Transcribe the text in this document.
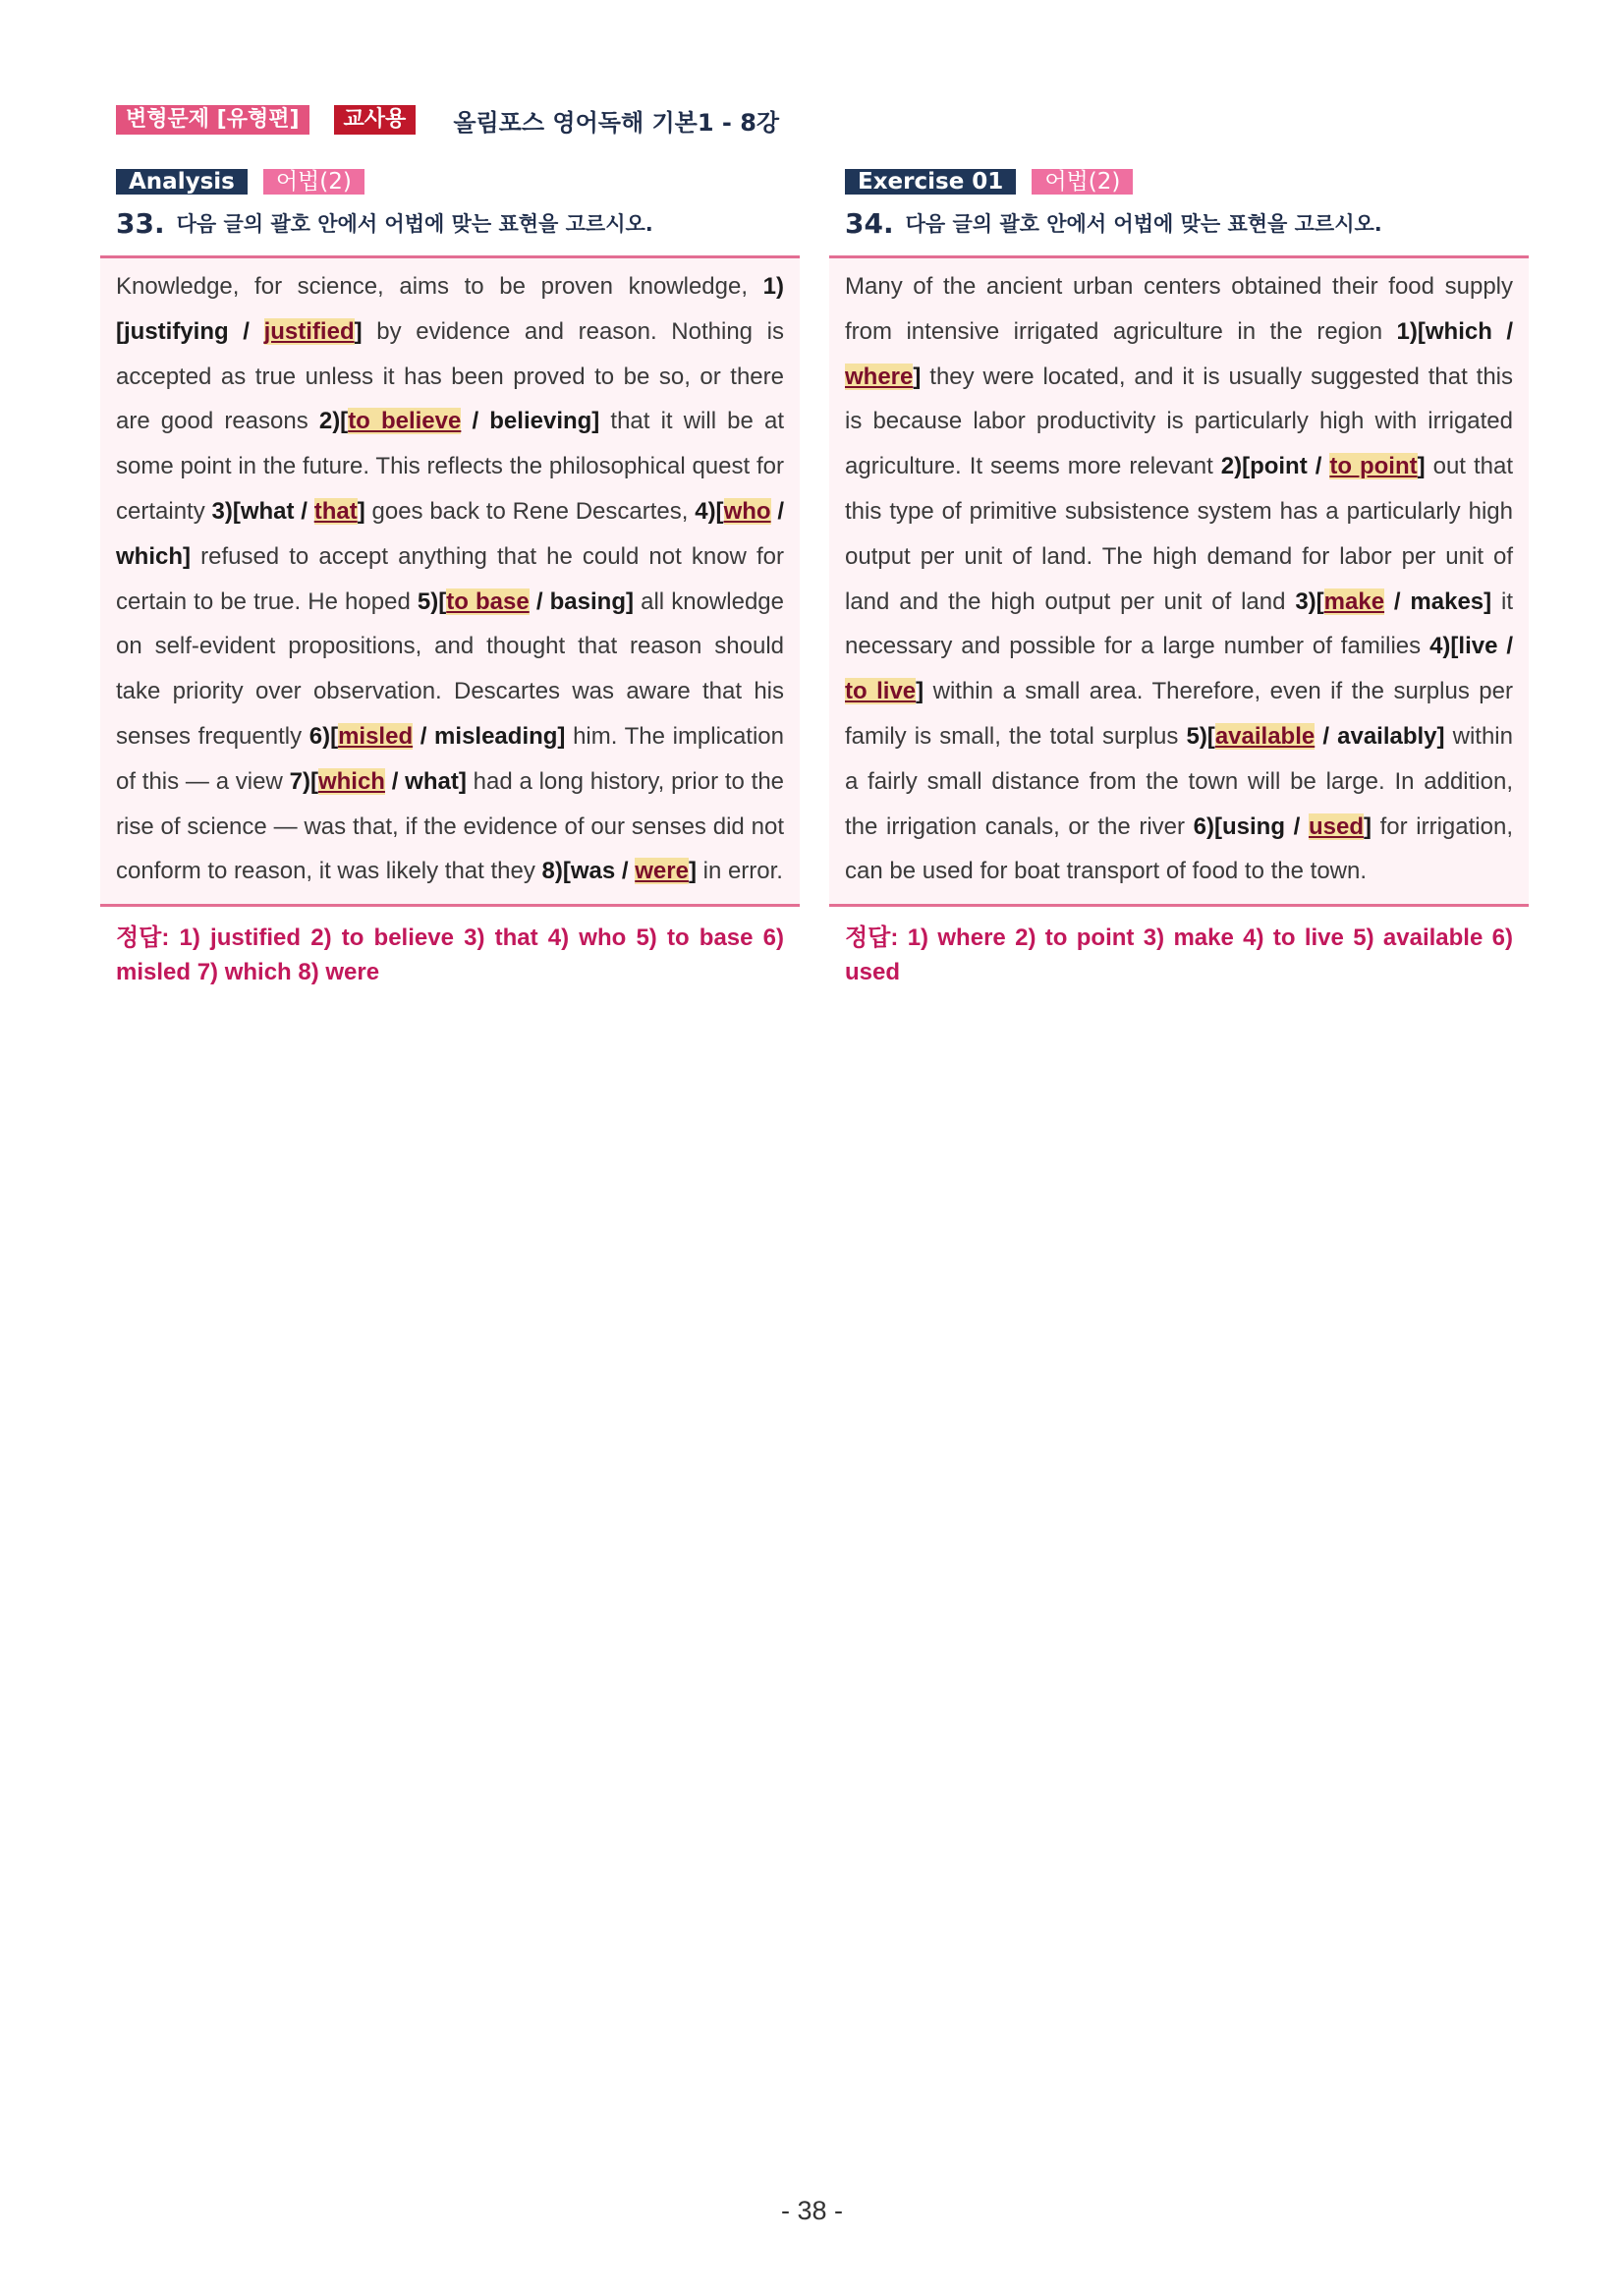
변형문제 [유형편]	교사용	올림포스 영어독해 기본1 - 8강
Analysis	어법(2)
33. 다음 글의 괄호 안에서 어법에 맞는 표현을 고르시오.

Knowledge, for science, aims to be proven knowledge, 1)[justifying / justified] by evidence and reason. Nothing is accepted as true unless it has been proved to be so, or there are good reasons 2)[to believe / believing] that it will be at some point in the future. This reflects the philosophical quest for certainty 3)[what / that] goes back to Rene Descartes, 4)[who / which] refused to accept anything that he could not know for certain to be true. He hoped 5)[to base / basing] all knowledge on self-evident propositions, and thought that reason should take priority over observation. Descartes was aware that his senses frequently 6)[misled / misleading] him. The implication of this — a view 7)[which / what] had a long history, prior to the rise of science — was that, if the evidence of our senses did not conform to reason, it was likely that they 8)[was / were] in error.

정답: 1) justified 2) to believe 3) that 4) who 5) to base 6) misled 7) which 8) were
Exercise 01	어법(2)
34. 다음 글의 괄호 안에서 어법에 맞는 표현을 고르시오.

Many of the ancient urban centers obtained their food supply from intensive irrigated agriculture in the region 1)[which / where] they were located, and it is usually suggested that this is because labor productivity is particularly high with irrigated agriculture. It seems more relevant 2)[point / to point] out that this type of primitive subsistence system has a particularly high output per unit of land. The high demand for labor per unit of land and the high output per unit of land 3)[make / makes] it necessary and possible for a large number of families 4)[live / to live] within a small area. Therefore, even if the surplus per family is small, the total surplus 5)[available / availably] within a fairly small distance from the town will be large. In addition, the irrigation canals, or the river 6)[using / used] for irrigation, can be used for boat transport of food to the town.

정답: 1) where 2) to point 3) make 4) to live 5) available 6) used
- 38 -
